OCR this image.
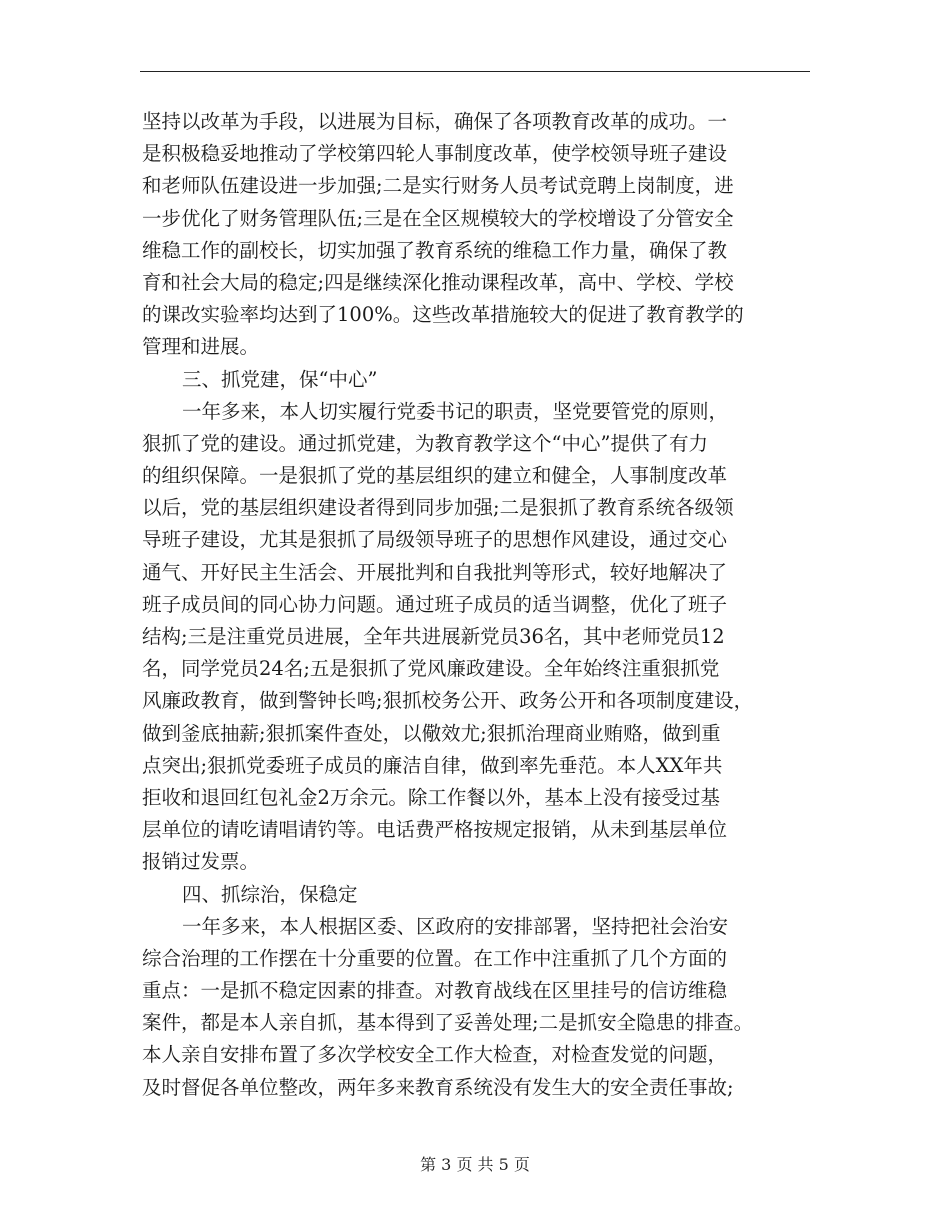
坚持以改革为手段，以进展为目标，确保了各项教育改革的成功。一
是积极稳妥地推动了学校第四轮人事制度改革，使学校领导班子建设
和老师队伍建设进一步加强;二是实行财务人员考试竞聘上岗制度，进
一步优化了财务管理队伍;三是在全区规模较大的学校增设了分管安全
维稳工作的副校长，切实加强了教育系统的维稳工作力量，确保了教
育和社会大局的稳定;四是继续深化推动课程改革，高中、学校、学校
的课改实验率均达到了100%。这些改革措施较大的促进了教育教学的
管理和进展。
三、抓党建，保“中心”
一年多来，本人切实履行党委书记的职责，坚党要管党的原则，
狠抓了党的建设。通过抓党建，为教育教学这个“中心”提供了有力
的组织保障。一是狠抓了党的基层组织的建立和健全，人事制度改革
以后，党的基层组织建设者得到同步加强;二是狠抓了教育系统各级领
导班子建设，尤其是狠抓了局级领导班子的思想作风建设，通过交心
通气、开好民主生活会、开展批判和自我批判等形式，较好地解决了
班子成员间的同心协力问题。通过班子成员的适当调整，优化了班子
结构;三是注重党员进展，全年共进展新党员36名，其中老师党员12
名，同学党员24名;五是狠抓了党风廉政建设。全年始终注重狠抓党
风廉政教育，做到警钟长鸣;狠抓校务公开、政务公开和各项制度建设，
做到釜底抽薪;狠抓案件查处，以儆效尤;狠抓治理商业贿赂，做到重
点突出;狠抓党委班子成员的廉洁自律，做到率先垂范。本人XX年共
拒收和退回红包礼金2万余元。除工作餐以外，基本上没有接受过基
层单位的请吃请唱请钓等。电话费严格按规定报销，从未到基层单位
报销过发票。
四、抓综治，保稳定
一年多来，本人根据区委、区政府的安排部署，坚持把社会治安
综合治理的工作摆在十分重要的位置。在工作中注重抓了几个方面的
重点：一是抓不稳定因素的排查。对教育战线在区里挂号的信访维稳
案件，都是本人亲自抓，基本得到了妥善处理;二是抓安全隐患的排查。
本人亲自安排布置了多次学校安全工作大检查，对检查发觉的问题，
及时督促各单位整改，两年多来教育系统没有发生大的安全责任事故;
第 3 页 共 5 页
